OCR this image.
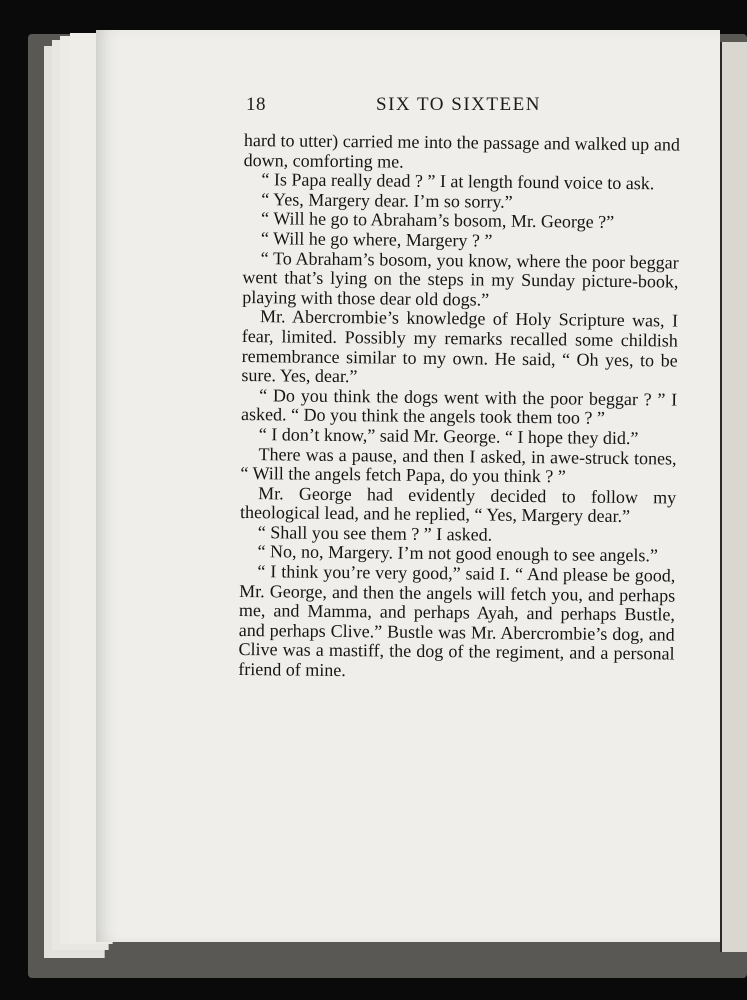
18	SIX TO SIXTEEN

hard to utter) carried me into the passage and walked up and down, comforting me.

“ Is Papa really dead ? ” I at length found voice to ask.

“ Yes, Margery dear. I’m so sorry.”

“ Will he go to Abraham’s bosom, Mr. George ?”

“ Will he go where, Margery ? ”

“ To Abraham’s bosom, you know, where the poor beggar went that’s lying on the steps in my Sunday picture-book, playing with those dear old dogs.”

Mr. Abercrombie’s knowledge of Holy Scripture was, I fear, limited. Possibly my remarks recalled some childish remembrance similar to my own. He said, “ Oh yes, to be sure. Yes, dear.”

“ Do you think the dogs went with the poor beggar ? ” I asked. “ Do you think the angels took them too ? ”

“ I don’t know,” said Mr. George. “ I hope they did.”

There was a pause, and then I asked, in awe-struck tones, “ Will the angels fetch Papa, do you think ? ”

Mr. George had evidently decided to follow my theological lead, and he replied, “ Yes, Margery dear.”

“ Shall you see them ? ” I asked.

“ No, no, Margery. I’m not good enough to see angels.”

“ I think you’re very good,” said I. “ And please be good, Mr. George, and then the angels will fetch you, and perhaps me, and Mamma, and perhaps Ayah, and perhaps Bustle, and perhaps Clive.” Bustle was Mr. Abercrombie’s dog, and Clive was a mastiff, the dog of the regiment, and a personal friend of mine.
